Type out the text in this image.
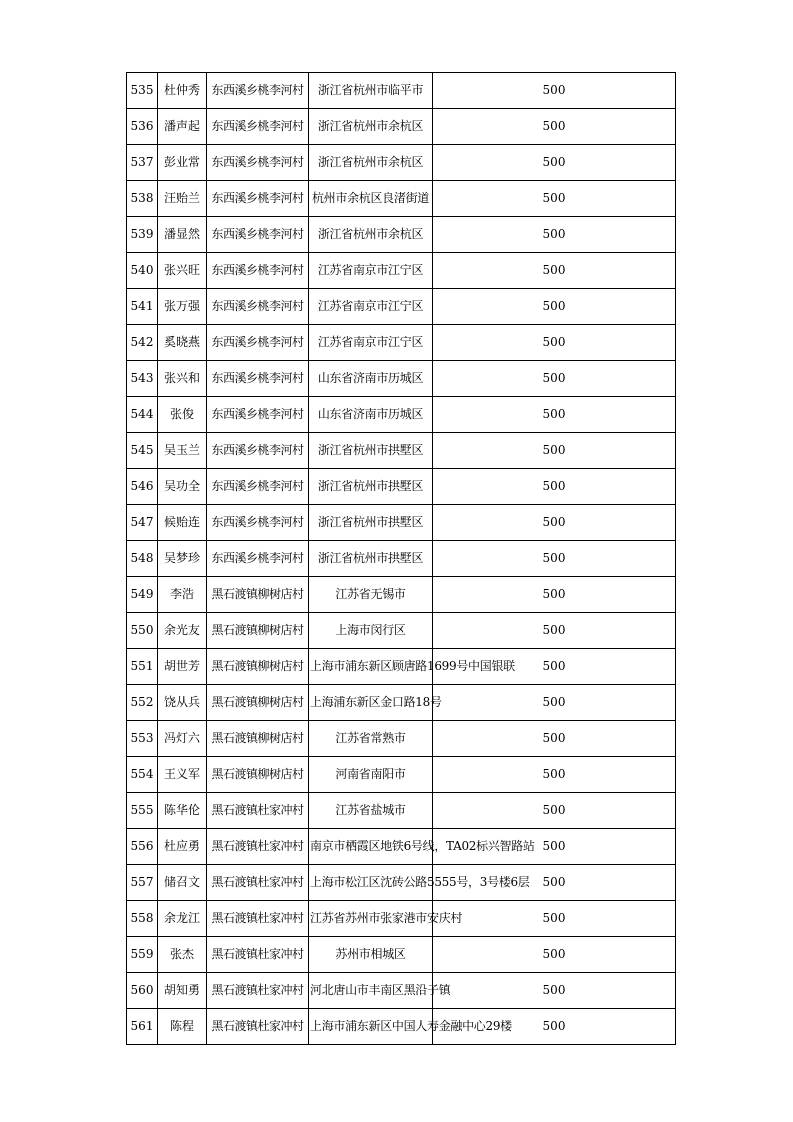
535	杜仲秀	东西溪乡桃李河村	浙江省杭州市临平市	500
536	潘声起	东西溪乡桃李河村	浙江省杭州市余杭区	500
537	彭业常	东西溪乡桃李河村	浙江省杭州市余杭区	500
538	汪贻兰	东西溪乡桃李河村	杭州市余杭区良渚街道	500
539	潘显然	东西溪乡桃李河村	浙江省杭州市余杭区	500
540	张兴旺	东西溪乡桃李河村	江苏省南京市江宁区	500
541	张万强	东西溪乡桃李河村	江苏省南京市江宁区	500
542	奚晓燕	东西溪乡桃李河村	江苏省南京市江宁区	500
543	张兴和	东西溪乡桃李河村	山东省济南市历城区	500
544	张俊	东西溪乡桃李河村	山东省济南市历城区	500
545	吴玉兰	东西溪乡桃李河村	浙江省杭州市拱墅区	500
546	吴功全	东西溪乡桃李河村	浙江省杭州市拱墅区	500
547	候贻连	东西溪乡桃李河村	浙江省杭州市拱墅区	500
548	吴梦珍	东西溪乡桃李河村	浙江省杭州市拱墅区	500
549	李浩	黑石渡镇柳树店村	江苏省无锡市	500
550	余光友	黑石渡镇柳树店村	上海市闵行区	500
551	胡世芳	黑石渡镇柳树店村	上海市浦东新区顾唐路1699号中国银联	500
552	饶从兵	黑石渡镇柳树店村	上海浦东新区金口路18号	500
553	冯灯六	黑石渡镇柳树店村	江苏省常熟市	500
554	王义军	黑石渡镇柳树店村	河南省南阳市	500
555	陈华伦	黑石渡镇杜家冲村	江苏省盐城市	500
556	杜应勇	黑石渡镇杜家冲村	南京市栖霞区地铁6号线，TA02标兴智路站	500
557	储召文	黑石渡镇杜家冲村	上海市松江区沈砖公路5555号，3号楼6层	500
558	余龙江	黑石渡镇杜家冲村	江苏省苏州市张家港市安庆村	500
559	张杰	黑石渡镇杜家冲村	苏州市相城区	500
560	胡知勇	黑石渡镇杜家冲村	河北唐山市丰南区黑沿子镇	500
561	陈程	黑石渡镇杜家冲村	上海市浦东新区中国人寿金融中心29楼	500
